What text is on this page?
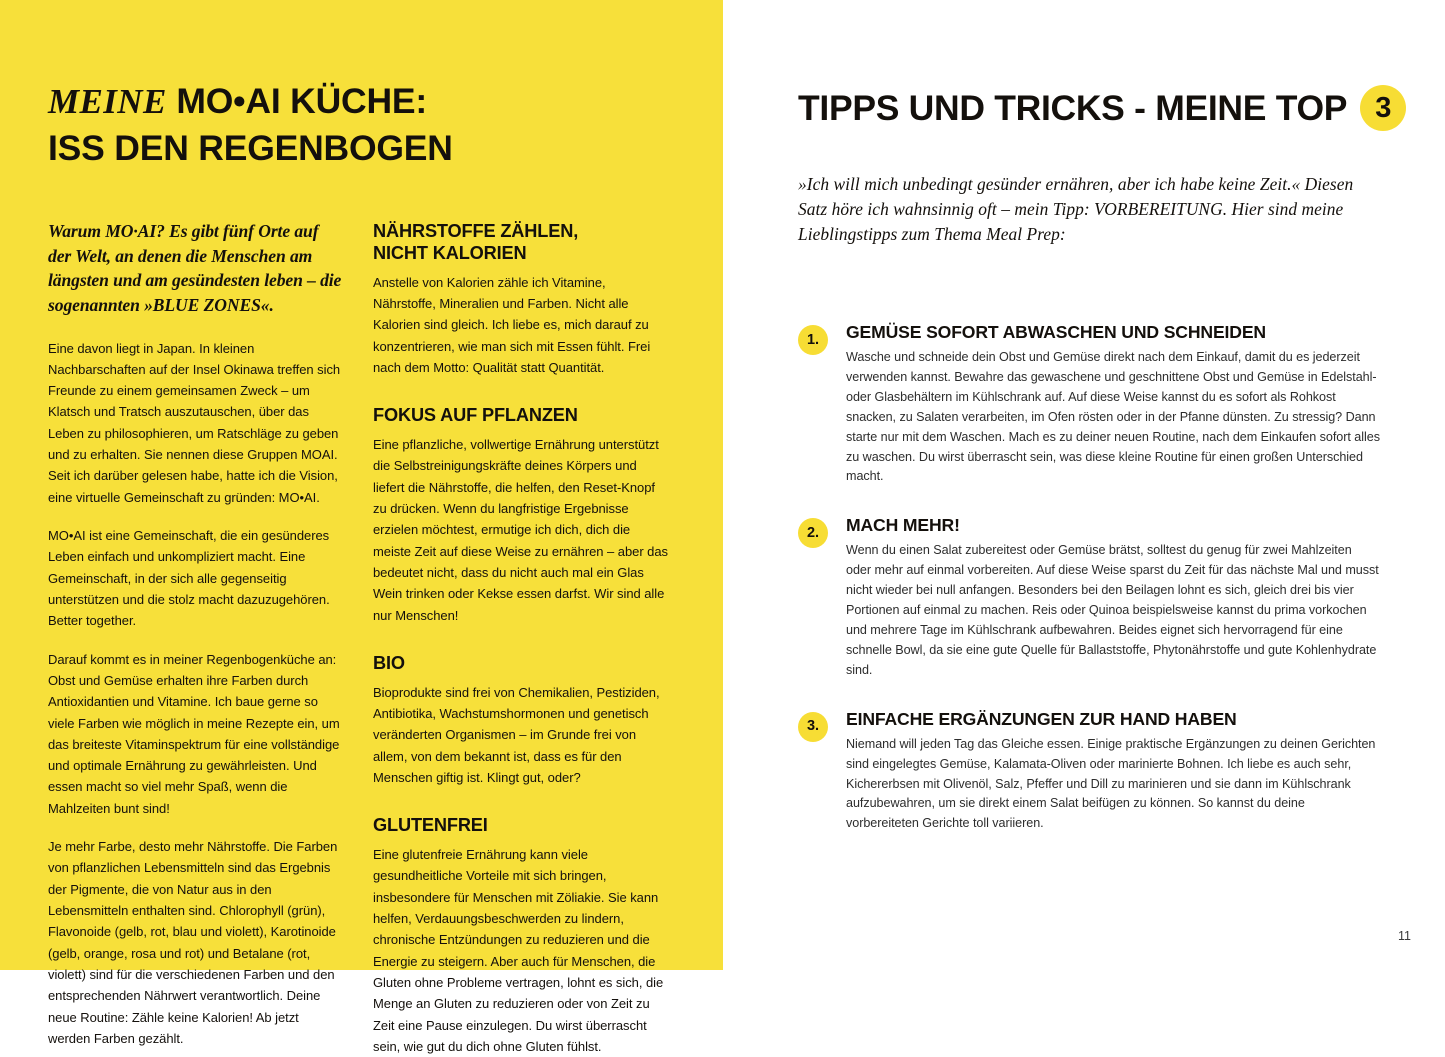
MEINE MO•AI KÜCHE:
ISS DEN REGENBOGEN

Warum MO·AI? Es gibt fünf Orte auf der Welt, an denen die Menschen am längsten und am gesündesten leben – die sogenannten »BLUE ZONES«.

Eine davon liegt in Japan. In kleinen Nachbarschaften auf der Insel Okinawa treffen sich Freunde zu einem gemeinsamen Zweck – um Klatsch und Tratsch auszutauschen, über das Leben zu philosophieren, um Ratschläge zu geben und zu erhalten. Sie nennen diese Gruppen MOAI. Seit ich darüber gelesen habe, hatte ich die Vision, eine virtuelle Gemeinschaft zu gründen: MO•AI.

MO•AI ist eine Gemeinschaft, die ein gesünderes Leben einfach und unkompliziert macht. Eine Gemeinschaft, in der sich alle gegenseitig unterstützen und die stolz macht dazuzugehören. Better together.

Darauf kommt es in meiner Regenbogenküche an: Obst und Gemüse erhalten ihre Farben durch Antioxidantien und Vitamine. Ich baue gerne so viele Farben wie möglich in meine Rezepte ein, um das breiteste Vitaminspektrum für eine vollständige und optimale Ernährung zu gewährleisten. Und essen macht so viel mehr Spaß, wenn die Mahlzeiten bunt sind!

Je mehr Farbe, desto mehr Nährstoffe. Die Farben von pflanzlichen Lebensmitteln sind das Ergebnis der Pigmente, die von Natur aus in den Lebensmitteln enthalten sind. Chlorophyll (grün), Flavonoide (gelb, rot, blau und violett), Karotinoide (gelb, orange, rosa und rot) und Betalane (rot, violett) sind für die verschiedenen Farben und den entsprechenden Nährwert verantwortlich. Deine neue Routine: Zähle keine Kalorien! Ab jetzt werden Farben gezählt.

NÄHRSTOFFE ZÄHLEN,
NICHT KALORIEN

Anstelle von Kalorien zähle ich Vitamine, Nährstoffe, Mineralien und Farben. Nicht alle Kalorien sind gleich. Ich liebe es, mich darauf zu konzentrieren, wie man sich mit Essen fühlt. Frei nach dem Motto: Qualität statt Quantität.

FOKUS AUF PFLANZEN

Eine pflanzliche, vollwertige Ernährung unterstützt die Selbstreinigungskräfte deines Körpers und liefert die Nährstoffe, die helfen, den Reset-Knopf zu drücken. Wenn du langfristige Ergebnisse erzielen möchtest, ermutige ich dich, dich die meiste Zeit auf diese Weise zu ernähren – aber das bedeutet nicht, dass du nicht auch mal ein Glas Wein trinken oder Kekse essen darfst. Wir sind alle nur Menschen!

BIO

Bioprodukte sind frei von Chemikalien, Pestiziden, Antibiotika, Wachstumshormonen und genetisch veränderten Organismen – im Grunde frei von allem, von dem bekannt ist, dass es für den Menschen giftig ist. Klingt gut, oder?

GLUTENFREI

Eine glutenfreie Ernährung kann viele gesundheitliche Vorteile mit sich bringen, insbesondere für Menschen mit Zöliakie. Sie kann helfen, Verdauungsbeschwerden zu lindern, chronische Entzündungen zu reduzieren und die Energie zu steigern. Aber auch für Menschen, die Gluten ohne Probleme vertragen, lohnt es sich, die Menge an Gluten zu reduzieren oder von Zeit zu Zeit eine Pause einzulegen. Du wirst überrascht sein, wie gut du dich ohne Gluten fühlst.

TIPPS UND TRICKS - MEINE TOP 3

»Ich will mich unbedingt gesünder ernähren, aber ich habe keine Zeit.« Diesen Satz höre ich wahnsinnig oft – mein Tipp: VORBEREITUNG. Hier sind meine Lieblingstipps zum Thema Meal Prep:

1.	GEMÜSE SOFORT ABWASCHEN UND SCHNEIDEN

Wasche und schneide dein Obst und Gemüse direkt nach dem Einkauf, damit du es jederzeit verwenden kannst. Bewahre das gewaschene und geschnittene Obst und Gemüse in Edelstahl- oder Glasbehältern im Kühlschrank auf. Auf diese Weise kannst du es sofort als Rohkost snacken, zu Salaten verarbeiten, im Ofen rösten oder in der Pfanne dünsten. Zu stressig? Dann starte nur mit dem Waschen. Mach es zu deiner neuen Routine, nach dem Einkaufen sofort alles zu waschen. Du wirst überrascht sein, was diese kleine Routine für einen großen Unterschied macht.

2.	MACH MEHR!

Wenn du einen Salat zubereitest oder Gemüse brätst, solltest du genug für zwei Mahlzeiten oder mehr auf einmal vorbereiten. Auf diese Weise sparst du Zeit für das nächste Mal und musst nicht wieder bei null anfangen. Besonders bei den Beilagen lohnt es sich, gleich drei bis vier Portionen auf einmal zu machen. Reis oder Quinoa beispielsweise kannst du prima vorkochen und mehrere Tage im Kühlschrank aufbewahren. Beides eignet sich hervorragend für eine schnelle Bowl, da sie eine gute Quelle für Ballaststoffe, Phytonährstoffe und gute Kohlenhydrate sind.

3.	EINFACHE ERGÄNZUNGEN ZUR HAND HABEN

Niemand will jeden Tag das Gleiche essen. Einige praktische Ergänzungen zu deinen Gerichten sind eingelegtes Gemüse, Kalamata-Oliven oder marinierte Bohnen. Ich liebe es auch sehr, Kichererbsen mit Olivenöl, Salz, Pfeffer und Dill zu marinieren und sie dann im Kühlschrank aufzubewahren, um sie direkt einem Salat beifügen zu können. So kannst du deine vorbereiteten Gerichte toll variieren.

11
